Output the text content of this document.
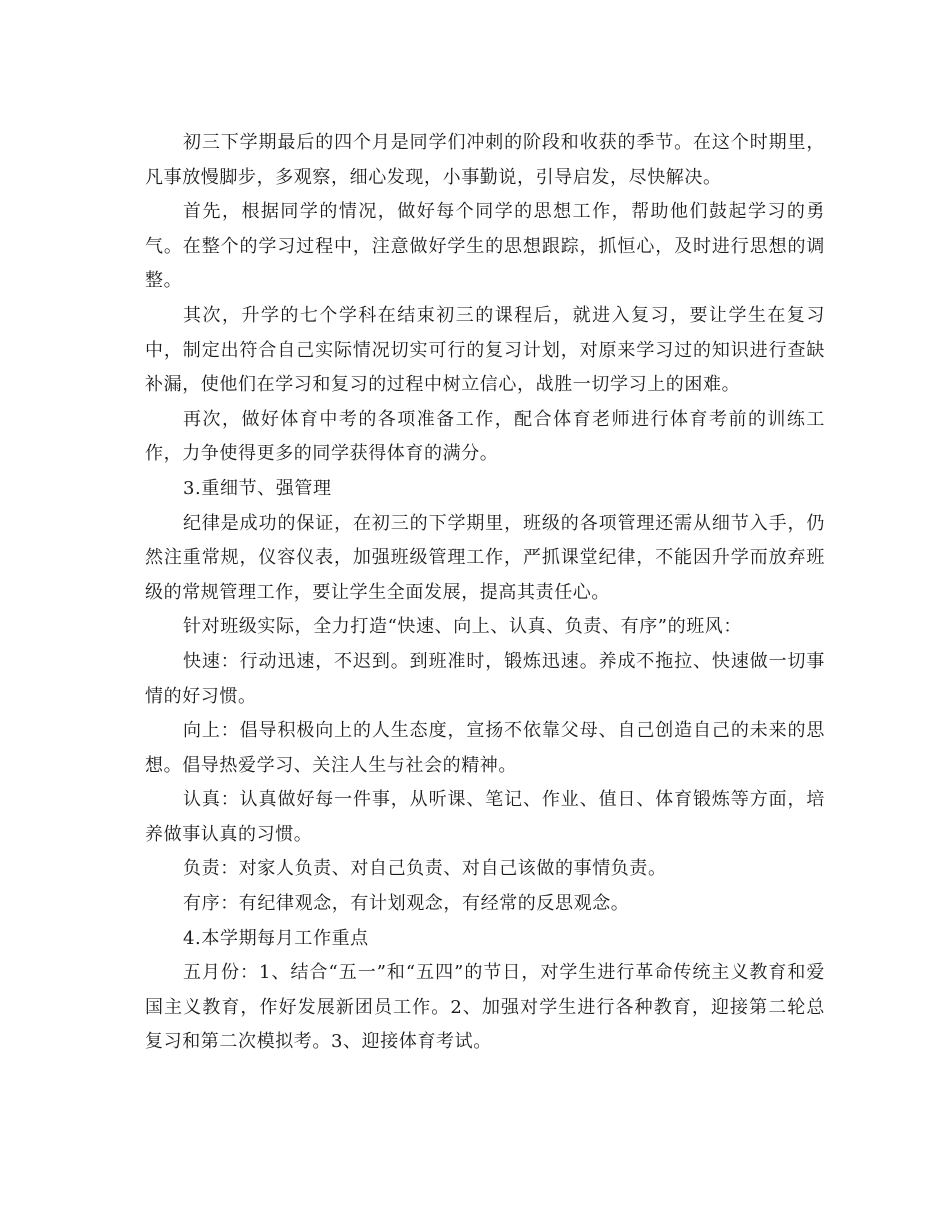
初三下学期最后的四个月是同学们冲刺的阶段和收获的季节。在这个时期里，凡事放慢脚步，多观察，细心发现，小事勤说，引导启发，尽快解决。

首先，根据同学的情况，做好每个同学的思想工作，帮助他们鼓起学习的勇气。在整个的学习过程中，注意做好学生的思想跟踪，抓恒心，及时进行思想的调整。

其次，升学的七个学科在结束初三的课程后，就进入复习，要让学生在复习中，制定出符合自己实际情况切实可行的复习计划，对原来学习过的知识进行查缺补漏，使他们在学习和复习的过程中树立信心，战胜一切学习上的困难。

再次，做好体育中考的各项准备工作，配合体育老师进行体育考前的训练工作，力争使得更多的同学获得体育的满分。

3.重细节、强管理

纪律是成功的保证，在初三的下学期里，班级的各项管理还需从细节入手，仍然注重常规，仪容仪表，加强班级管理工作，严抓课堂纪律，不能因升学而放弃班级的常规管理工作，要让学生全面发展，提高其责任心。

针对班级实际，全力打造“快速、向上、认真、负责、有序”的班风：

快速：行动迅速，不迟到。到班准时，锻炼迅速。养成不拖拉、快速做一切事情的好习惯。

向上：倡导积极向上的人生态度，宣扬不依靠父母、自己创造自己的未来的思想。倡导热爱学习、关注人生与社会的精神。

认真：认真做好每一件事，从听课、笔记、作业、值日、体育锻炼等方面，培养做事认真的习惯。

负责：对家人负责、对自己负责、对自己该做的事情负责。

有序：有纪律观念，有计划观念，有经常的反思观念。

4.本学期每月工作重点

五月份：1、结合“五一”和“五四”的节日，对学生进行革命传统主义教育和爱国主义教育，作好发展新团员工作。2、加强对学生进行各种教育，迎接第二轮总复习和第二次模拟考。3、迎接体育考试。
